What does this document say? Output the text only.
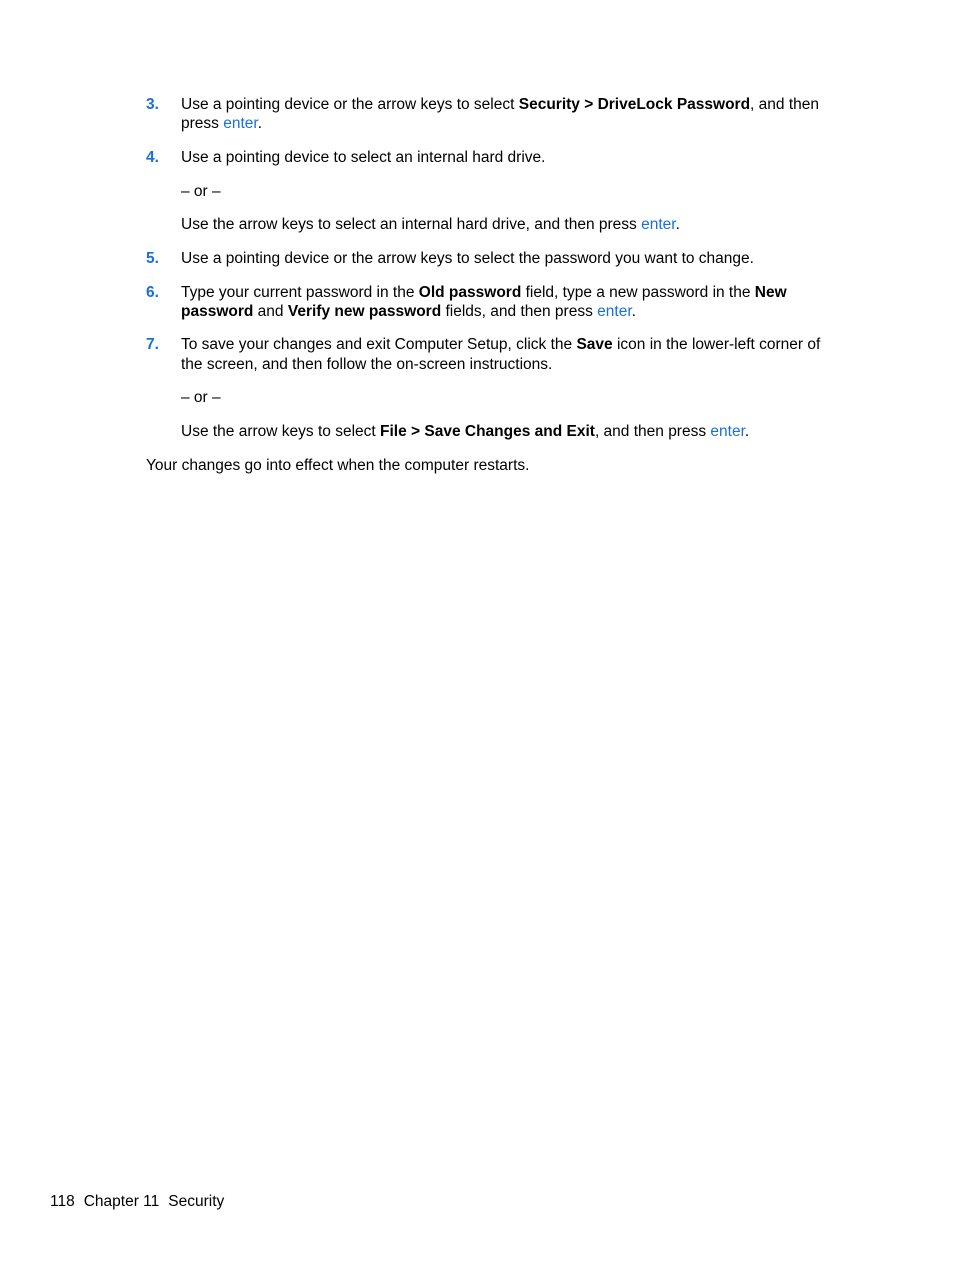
3. Use a pointing device or the arrow keys to select Security > DriveLock Password, and then
press enter.
4. Use a pointing device to select an internal hard drive.
– or –
Use the arrow keys to select an internal hard drive, and then press enter.
5. Use a pointing device or the arrow keys to select the password you want to change.
6. Type your current password in the Old password field, type a new password in the New
password and Verify new password fields, and then press enter.
7. To save your changes and exit Computer Setup, click the Save icon in the lower-left corner of
the screen, and then follow the on-screen instructions.
– or –
Use the arrow keys to select File > Save Changes and Exit, and then press enter.
Your changes go into effect when the computer restarts.
118 Chapter 11 Security
